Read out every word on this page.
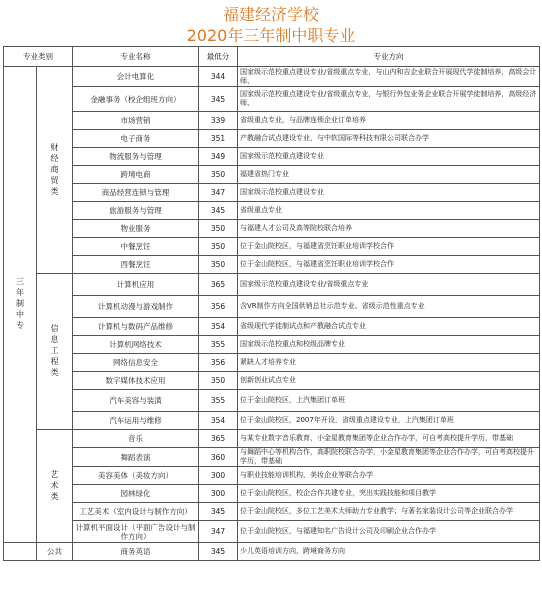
福建经济学校
2020年三年制中职专业
专业类别		专业名称	最低分	专业方向

三年制中专	财经商贸类	会计电算化	344	国家级示范校重点建设专业/省级重点专业，与山内和吉企业联合开展现代学徒制培养，高级会计师、
		金融事务（校企组班方向）	345	国家级示范校重点建设专业/省级重点专业，与银行外包业务企业联合开展学徒制培养，高级经济师、
		市场营销	339	省级重点专业，与品牌连锁企业订单培养
		电子商务	351	产教融合试点建设专业，与中软国际等科技有限公司联合办学
		物流服务与管理	349	国家级示范校重点建设专业
		跨境电商	350	福建省热门专业
		商品经营连锁与管理	347	国家级示范校重点建设专业
		旅游服务与管理	345	省级重点专业
		物业服务	350	与福建人才公司及高等院校联合培养
		中餐烹饪	350	位于金山院校区，与福建省烹饪职业培训学校合作
		西餐烹饪	350	位于金山院校区，与福建省烹饪职业培训学校合作

	信息工程类	计算机应用	365	国家级示范校重点建设专业/省级重点专业
		计算机动漫与游戏制作	356	含VR制作方向全国供销总社示范专业、省级示范性重点专业
		计算机与数码产品维修	354	省级现代学徒制试点和产教融合试点专业
		计算机网络技术	355	国家级示范校重点和校级品牌专业
		网络信息安全	356	紧缺人才培养专业
		数字媒体技术应用	350	创新创业试点专业
		汽车美容与装潢	355	位于金山院校区，上汽集团订单班
		汽车运用与维修	354	位于金山院校区，2007年开设，省级重点建设专业，上汽集团订单班

	艺术类	音乐	365	与某专业数字音乐教育，小金星教育集团等企业合作办学，可自考高校提升学历，带基础
		舞蹈表演	360	与舞蹈中心等机构合作，高职院校联合办学，小金星教育集团等企业合作办学，可自考高校提升学历，带基础
		美容美体（美妆方向）	300	与职业技能培训机构，美妆企业等联合办学
		园林绿化	300	位于金山院校区，校企合作共建专业，突出实践技能和项目教学
		工艺美术（室内设计与制作方向）	345	位于金山院校区，多位工艺美术大师助力专业教学；与著名家装设计公司等企业联合办学
		计算机平面设计（平面广告设计与制作方向）	347	位于金山院校区，与福建知名广告设计公司及印刷企业合作办学

	公共	商务英语	345	少儿英语培训方向，跨境商务方向
